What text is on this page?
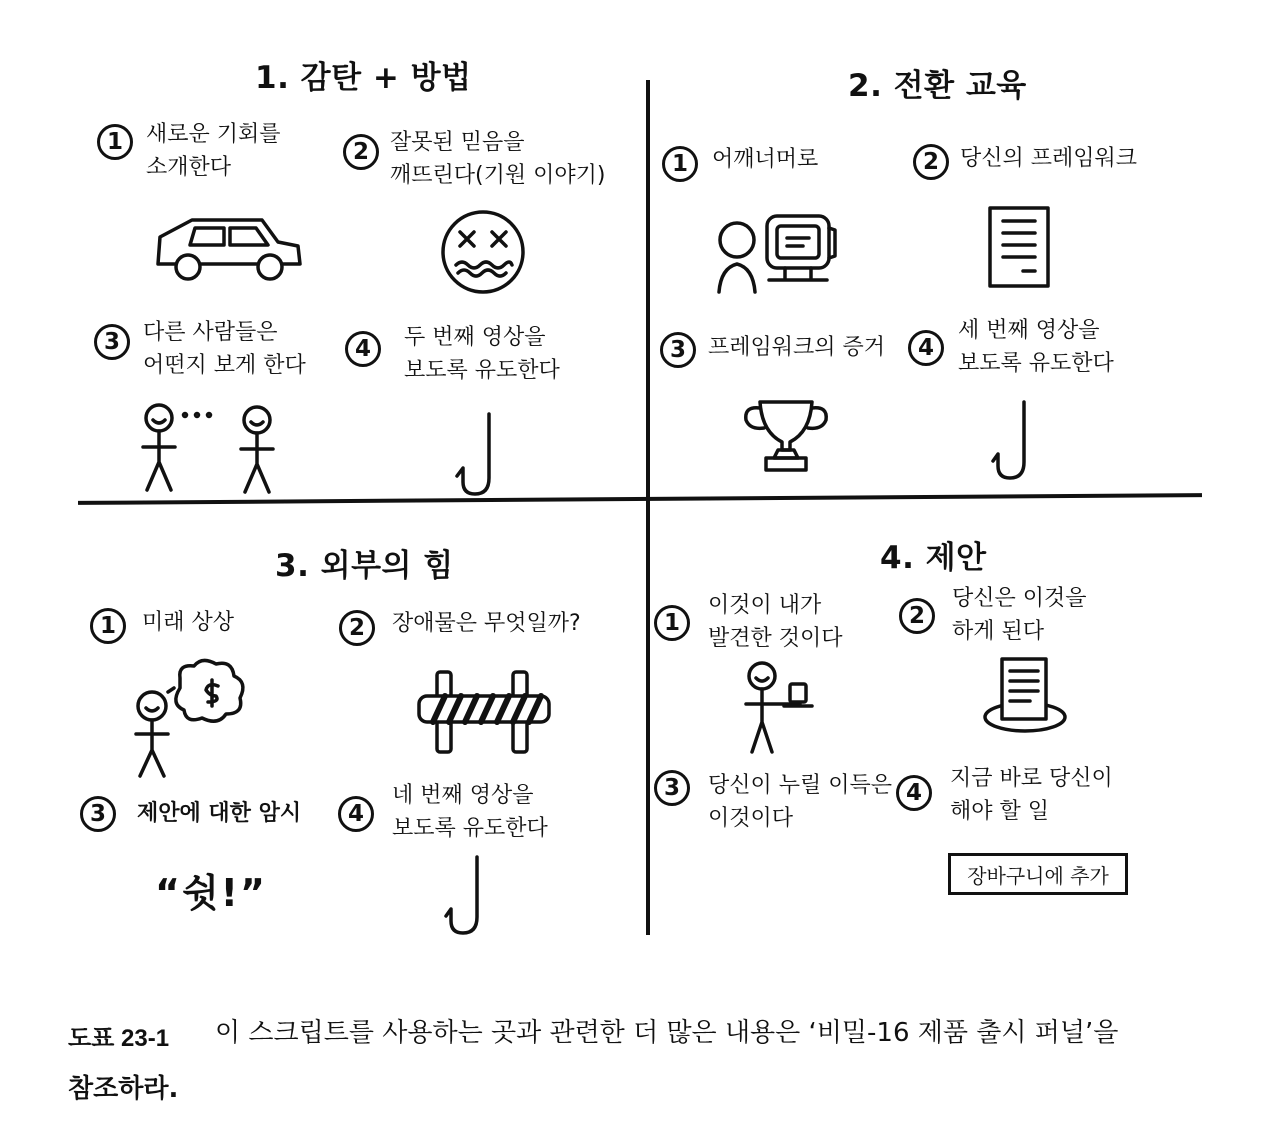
1. 감탄 + 방법
1	새로운 기회를
소개한다
2 잘못된 믿음을
깨뜨린다(기원 이야기)
3	다른 사람들은
어떤지 보게 한다
4	두 번째 영상을
보도록 유도한다
2. 전환 교육
1	어깨너머로	2 당신의 프레임워크
3	프레임워크의 증거	4
세 번째 영상을
보도록 유도한다
3. 외부의 힘
1	미래 상상	2	장애물은 무엇일까?
3	제안에 대한 암시
“쉿!”
4
네 번째 영상을
보도록 유도한다
4. 제안
1
이것이 내가
발견한 것이다
2
당신은 이것을
하게 된다
3	당신이 누릴 이득은
이것이다
4
지금 바로 당신이
해야 할 일
장바구니에 추가
도표 23-1 이 스크립트를 사용하는 곳과 관련한 더 많은 내용은 ‘비밀-16 제품 출시 퍼널’을
참조하라.
